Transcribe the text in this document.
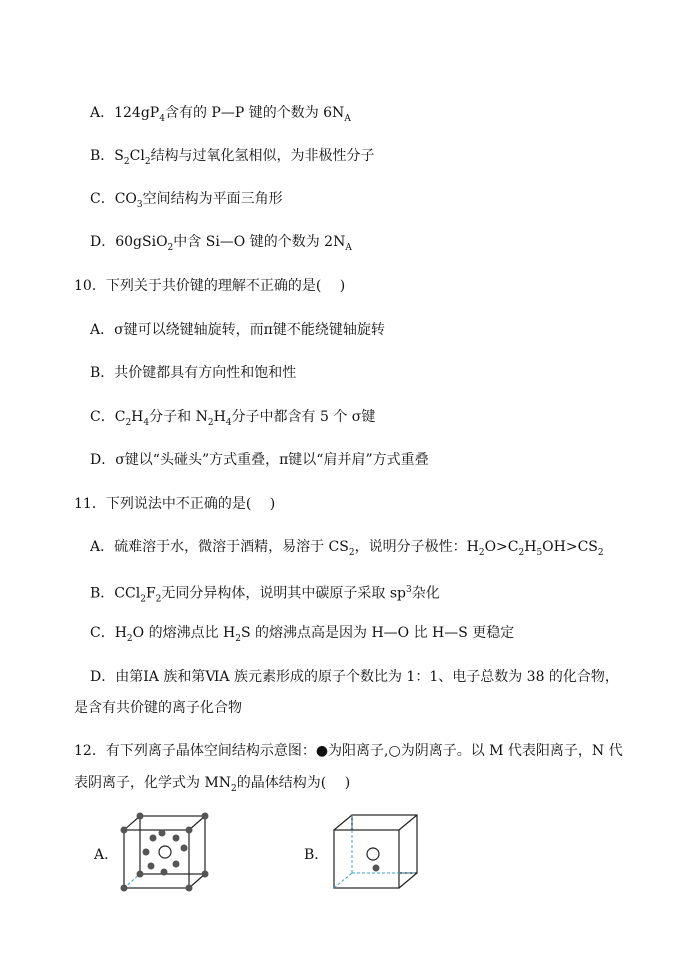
A．$124gP_4$含有的 P—P 键的个数为 $6N_A$
B．$S_2Cl_2$结构与过氧化氢相似，为非极性分子
C．$CO_3$空间结构为平面三角形
D．60gSiO$_2$中含 Si—O 键的个数为 $2N_A$
10．下列关于共价键的理解不正确的是(　 )
A．σ键可以绕键轴旋转，而π键不能绕键轴旋转
B．共价键都具有方向性和饱和性
C．$C_2H_4$分子和 $N_2H_4$分子中都含有 5 个 σ键
D．σ键以“头碰头”方式重叠，π键以“肩并肩”方式重叠
11．下列说法中不正确的是(　 )
A．硫难溶于水，微溶于酒精，易溶于 $CS_2$，说明分子极性：$H_2O>C_2H_5OH>CS_2$
B．$CCl_2F_2$无同分异构体，说明其中碳原子采取 $sp^3$杂化
C．$H_2O$ 的熔沸点比 $H_2S$ 的熔沸点高是因为 H—O 比 H—S 更稳定
D．由第ⅠA 族和第ⅥA 族元素形成的原子个数比为 1：1、电子总数为 38 的化合物，
是含有共价键的离子化合物
12．有下列离子晶体空间结构示意图：●为阳离子,○为阴离子。以 M 代表阳离子，N 代
表阴离子，化学式为 $MN_2$的晶体结构为(　 )
A．	B．
